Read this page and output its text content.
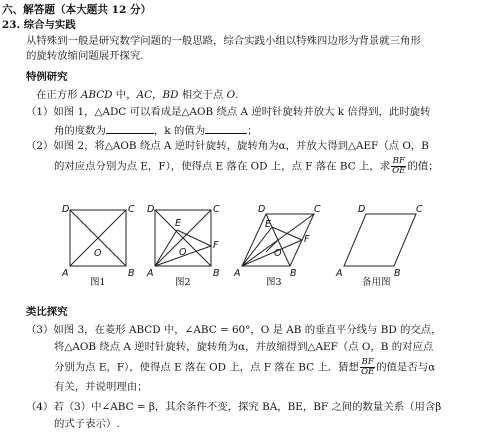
六、解答题（本大题共 12 分）
23. 综合与实践
从特殊到一般是研究数学问题的一般思路，综合实践小组以特殊四边形为背景就三角形
的旋转放缩问题展开探究.
特例研究
在正方形 ABCD 中，AC，BD 相交于点 O.
（1）如图 1，△ADC 可以看成是△AOB 绕点 A 逆时针旋转并放大 k 倍得到，此时旋转
角的度数为	，k 的值为	；
（2）如图 2，将△AOB 绕点 A 逆时针旋转，旋转角为α，并放大得到△AEF（点 O，B
的对应点分别为点 E，F），使得点 E 落在 OD 上，点 F 落在 BC 上，求 $\frac{BF}{OE}$ 的值；
D	C
O
A	B
图1
D	C
E
O
F
A	B
图2
D	C
E
O
F
A	B
图3
D	C
A	B
备用图
类比探究
（3）如图 3，在菱形 ABCD 中，∠ABC = 60°，O 是 AB 的垂直平分线与 BD 的交点，
将△AOB 绕点 A 逆时针旋转，旋转角为α，并放缩得到△AEF（点 O，B 的对应点
分别为点 E，F），使得点 E 落在 OD 上，点 F 落在 BC 上．猜想 $\frac{BF}{OE}$ 的值是否与α
有关，并说明理由；
（4）若（3）中∠ABC = β，其余条件不变，探究 BA，BE，BF 之间的数量关系（用含β
的式子表示）.
